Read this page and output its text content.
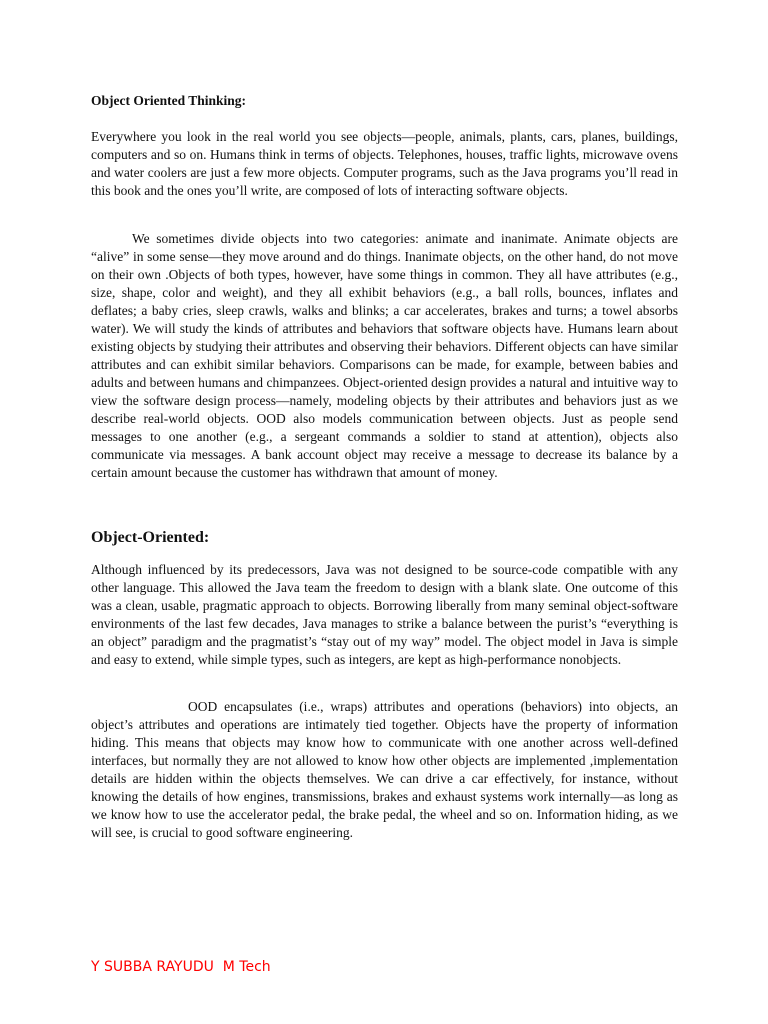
Object Oriented Thinking:

Everywhere you look in the real world you see objects—people, animals, plants, cars, planes, buildings, computers and so on. Humans think in terms of objects. Telephones, houses, traffic lights, microwave ovens and water coolers are just a few more objects. Computer programs, such as the Java programs you’ll read in this book and the ones you’ll write, are composed of lots of interacting software objects.

We sometimes divide objects into two categories: animate and inanimate. Animate objects are “alive” in some sense—they move around and do things. Inanimate objects, on the other hand, do not move on their own .Objects of both types, however, have some things in common. They all have attributes (e.g., size, shape, color and weight), and they all exhibit behaviors (e.g., a ball rolls, bounces, inflates and deflates; a baby cries, sleep crawls, walks and blinks; a car accelerates, brakes and turns; a towel absorbs water). We will study the kinds of attributes and behaviors that software objects have. Humans learn about existing objects by studying their attributes and observing their behaviors. Different objects can have similar attributes and can exhibit similar behaviors. Comparisons can be made, for example, between babies and adults and between humans and chimpanzees. Object-oriented design provides a natural and intuitive way to view the software design process—namely, modeling objects by their attributes and behaviors just as we describe real-world objects. OOD also models communication between objects. Just as people send messages to one another (e.g., a sergeant commands a soldier to stand at attention), objects also communicate via messages. A bank account object may receive a message to decrease its balance by a certain amount because the customer has withdrawn that amount of money.

Object-Oriented:

Although influenced by its predecessors, Java was not designed to be source-code compatible with any other language. This allowed the Java team the freedom to design with a blank slate. One outcome of this was a clean, usable, pragmatic approach to objects. Borrowing liberally from many seminal object-software environments of the last few decades, Java manages to strike a balance between the purist’s “everything is an object” paradigm and the pragmatist’s “stay out of my way” model. The object model in Java is simple and easy to extend, while simple types, such as integers, are kept as high-performance nonobjects.

OOD encapsulates (i.e., wraps) attributes and operations (behaviors) into objects, an object’s attributes and operations are intimately tied together. Objects have the property of information hiding. This means that objects may know how to communicate with one another across well-defined interfaces, but normally they are not allowed to know how other objects are implemented ,implementation details are hidden within the objects themselves. We can drive a car effectively, for instance, without knowing the details of how engines, transmissions, brakes and exhaust systems work internally—as long as we know how to use the accelerator pedal, the brake pedal, the wheel and so on. Information hiding, as we will see, is crucial to good software engineering.

Y SUBBA RAYUDU  M Tech
